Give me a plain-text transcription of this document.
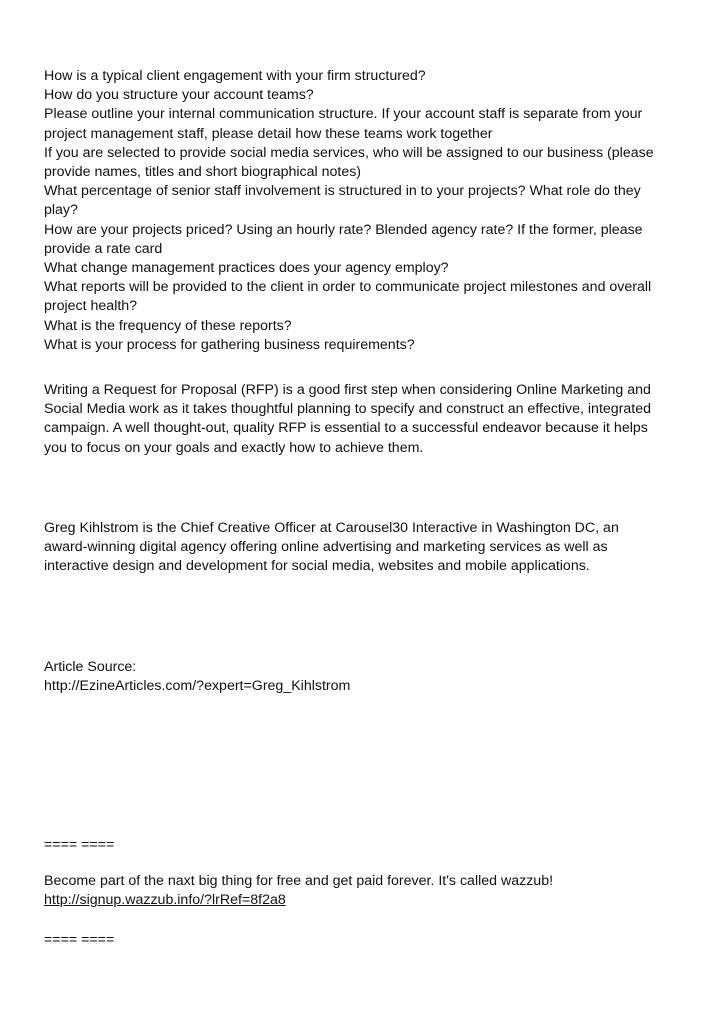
How is a typical client engagement with your firm structured?
How do you structure your account teams?
Please outline your internal communication structure. If your account staff is separate from your
project management staff, please detail how these teams work together
If you are selected to provide social media services, who will be assigned to our business (please
provide names, titles and short biographical notes)
What percentage of senior staff involvement is structured in to your projects? What role do they
play?
How are your projects priced? Using an hourly rate? Blended agency rate? If the former, please
provide a rate card
What change management practices does your agency employ?
What reports will be provided to the client in order to communicate project milestones and overall
project health?
What is the frequency of these reports?
What is your process for gathering business requirements?
Writing a Request for Proposal (RFP) is a good first step when considering Online Marketing and
Social Media work as it takes thoughtful planning to specify and construct an effective, integrated
campaign. A well thought-out, quality RFP is essential to a successful endeavor because it helps
you to focus on your goals and exactly how to achieve them.
Greg Kihlstrom is the Chief Creative Officer at Carousel30 Interactive in Washington DC, an
award-winning digital agency offering online advertising and marketing services as well as
interactive design and development for social media, websites and mobile applications.
Article Source:
http://EzineArticles.com/?expert=Greg_Kihlstrom
==== ====
Become part of the naxt big thing for free and get paid forever. It's called wazzub!
http://signup.wazzub.info/?lrRef=8f2a8
==== ====
